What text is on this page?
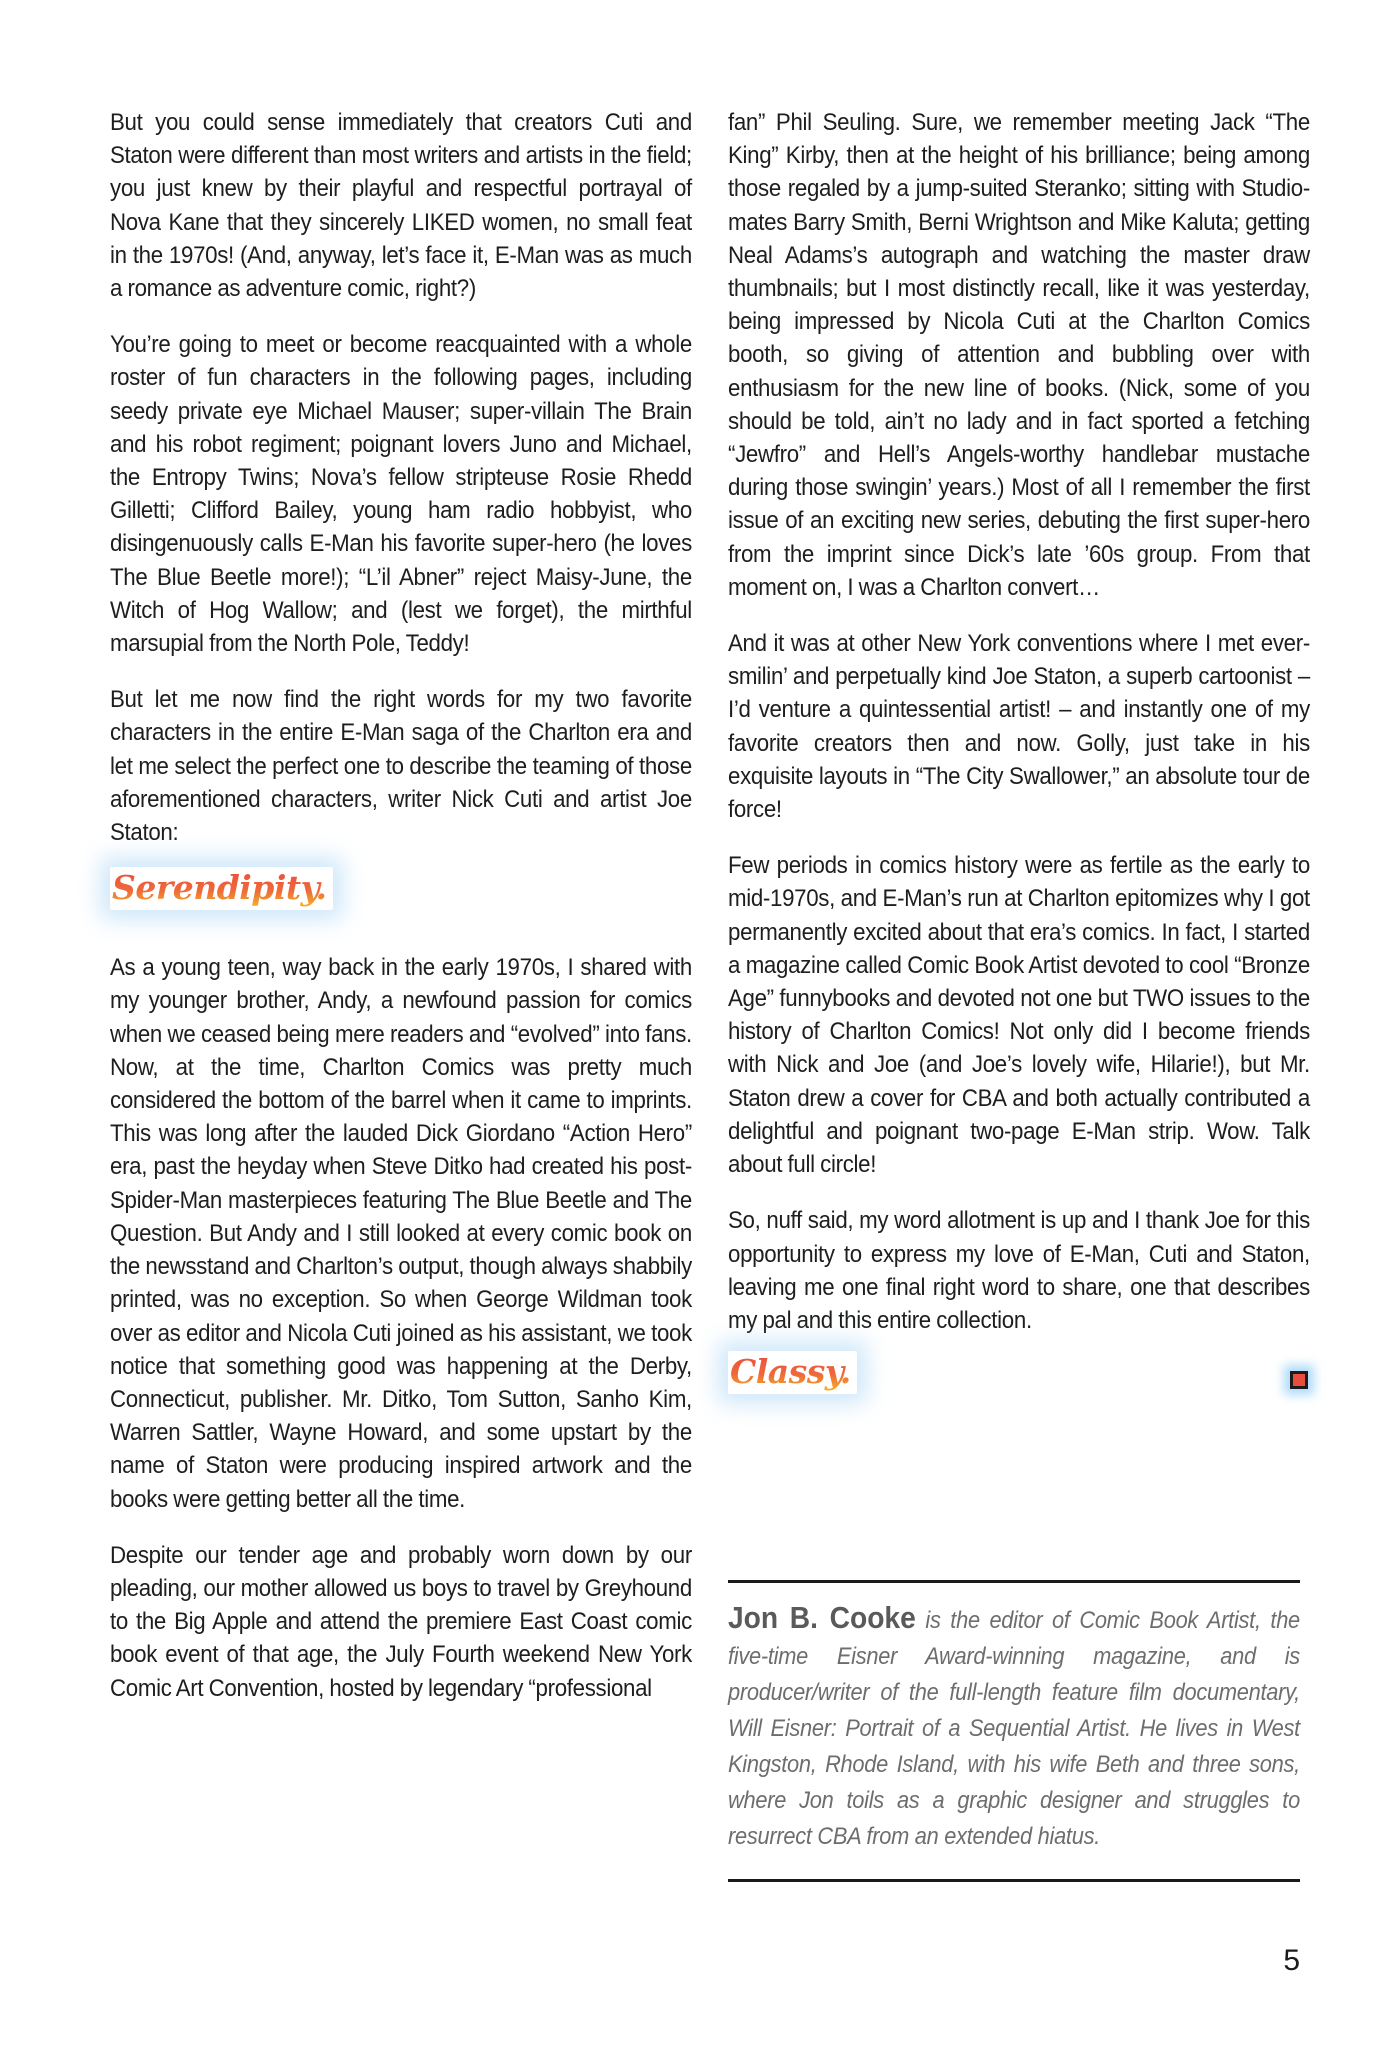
But you could sense immediately that creators Cuti and Staton were different than most writers and artists in the field; you just knew by their playful and respectful portrayal of Nova Kane that they sincerely LIKED women, no small feat in the 1970s! (And, anyway, let’s face it, E-Man was as much a romance as adventure comic, right?)

You’re going to meet or become reacquainted with a whole roster of fun characters in the following pages, including seedy private eye Michael Mauser; super-villain The Brain and his robot regiment; poignant lovers Juno and Michael, the Entropy Twins; Nova’s fellow stripteuse Rosie Rhedd Gilletti; Clifford Bailey, young ham radio hobbyist, who disingenuously calls E-Man his favorite super-hero (he loves The Blue Beetle more!); “L’il Abner” reject Maisy-June, the Witch of Hog Wallow; and (lest we forget), the mirthful marsupial from the North Pole, Teddy!

But let me now find the right words for my two favorite characters in the entire E-Man saga of the Charlton era and let me select the perfect one to describe the teaming of those aforementioned characters, writer Nick Cuti and artist Joe Staton:

Serendipity.

As a young teen, way back in the early 1970s, I shared with my younger brother, Andy, a newfound passion for comics when we ceased being mere readers and “evolved” into fans. Now, at the time, Charlton Comics was pretty much considered the bottom of the barrel when it came to imprints. This was long after the lauded Dick Giordano “Action Hero” era, past the heyday when Steve Ditko had created his post-Spider-Man masterpieces featuring The Blue Beetle and The Question. But Andy and I still looked at every comic book on the newsstand and Charlton’s output, though always shabbily printed, was no exception. So when George Wildman took over as editor and Nicola Cuti joined as his assistant, we took notice that something good was happening at the Derby, Connecticut, publisher. Mr. Ditko, Tom Sutton, Sanho Kim, Warren Sattler, Wayne Howard, and some upstart by the name of Staton were producing inspired artwork and the books were getting better all the time.

Despite our tender age and probably worn down by our pleading, our mother allowed us boys to travel by Greyhound to the Big Apple and attend the premiere East Coast comic book event of that age, the July Fourth weekend New York Comic Art Convention, hosted by legendary “professional

fan” Phil Seuling. Sure, we remember meeting Jack “The King” Kirby, then at the height of his brilliance; being among those regaled by a jump-suited Steranko; sitting with Studio-mates Barry Smith, Berni Wrightson and Mike Kaluta; getting Neal Adams’s autograph and watching the master draw thumbnails; but I most distinctly recall, like it was yesterday, being impressed by Nicola Cuti at the Charlton Comics booth, so giving of attention and bubbling over with enthusiasm for the new line of books. (Nick, some of you should be told, ain’t no lady and in fact sported a fetching “Jewfro” and Hell’s Angels-worthy handlebar mustache during those swingin’ years.) Most of all I remember the first issue of an exciting new series, debuting the first super-hero from the imprint since Dick’s late ’60s group. From that moment on, I was a Charlton convert…

And it was at other New York conventions where I met ever-smilin’ and perpetually kind Joe Staton, a superb cartoonist – I’d venture a quintessential artist! – and instantly one of my favorite creators then and now. Golly, just take in his exquisite layouts in “The City Swallower,” an absolute tour de force!

Few periods in comics history were as fertile as the early to mid-1970s, and E-Man’s run at Charlton epitomizes why I got permanently excited about that era’s comics. In fact, I started a magazine called Comic Book Artist devoted to cool “Bronze Age” funnybooks and devoted not one but TWO issues to the history of Charlton Comics! Not only did I become friends with Nick and Joe (and Joe’s lovely wife, Hilarie!), but Mr. Staton drew a cover for CBA and both actually contributed a delightful and poignant two-page E-Man strip. Wow. Talk about full circle!

So, nuff said, my word allotment is up and I thank Joe for this opportunity to express my love of E-Man, Cuti and Staton, leaving me one final right word to share, one that describes my pal and this entire collection.

Classy.
Jon B. Cooke is the editor of Comic Book Artist, the five-time Eisner Award-winning magazine, and is producer/writer of the full-length feature film documentary, Will Eisner: Portrait of a Sequential Artist. He lives in West Kingston, Rhode Island, with his wife Beth and three sons, where Jon toils as a graphic designer and struggles to resurrect CBA from an extended hiatus.
5
